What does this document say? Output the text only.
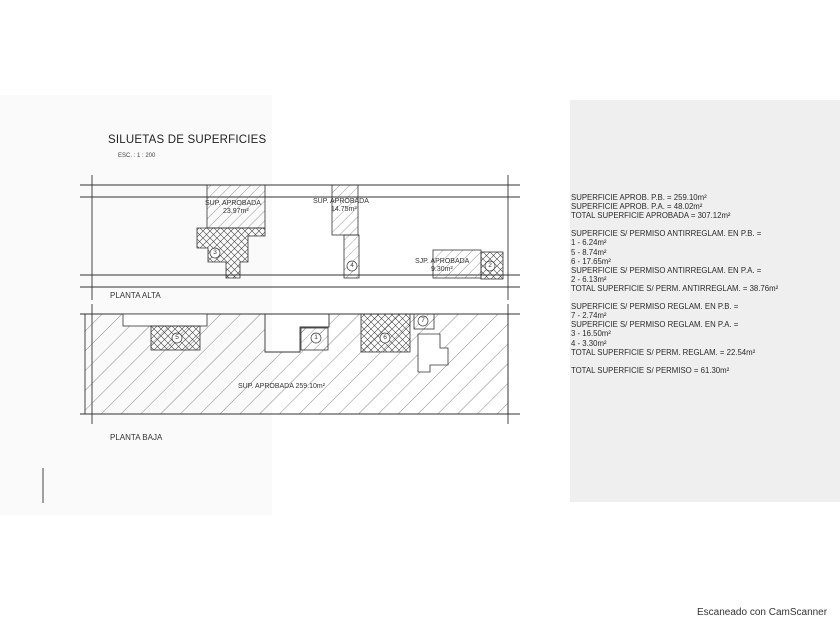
SILUETAS DE SUPERFICIES
ESC. : 1 : 200
SUP. APROBADA
23.97m²
SUP. APROBADA
14.75m²
SJP. APROBADA
9.30m²
SUP. APROBADA 259.10m²
PLANTA ALTA
PLANTA BAJA
1
2
3
4
5	6
7
SUPERFICIE APROB. P.B. = 259.10m²
SUPERFICIE APROB. P.A. = 48.02m²
TOTAL SUPERFICIE APROBADA = 307.12m²
SUPERFICIE S/ PERMISO ANTIRREGLAM. EN P.B. =
1 - 6.24m²
5 - 8.74m²
6 - 17.65m²
SUPERFICIE S/ PERMISO ANTIRREGLAM. EN P.A. =
2 - 6.13m²
TOTAL SUPERFICIE S/ PERM. ANTIRREGLAM. = 38.76m²
SUPERFICIE S/ PERMISO REGLAM. EN P.B. =
7 - 2.74m²
SUPERFICIE S/ PERMISO REGLAM. EN P.A. =
3 - 16.50m²
4 - 3.30m²
TOTAL SUPERFICIE S/ PERM. REGLAM. = 22.54m²
TOTAL SUPERFICIE S/ PERMISO = 61.30m²
Escaneado con CamScanner
